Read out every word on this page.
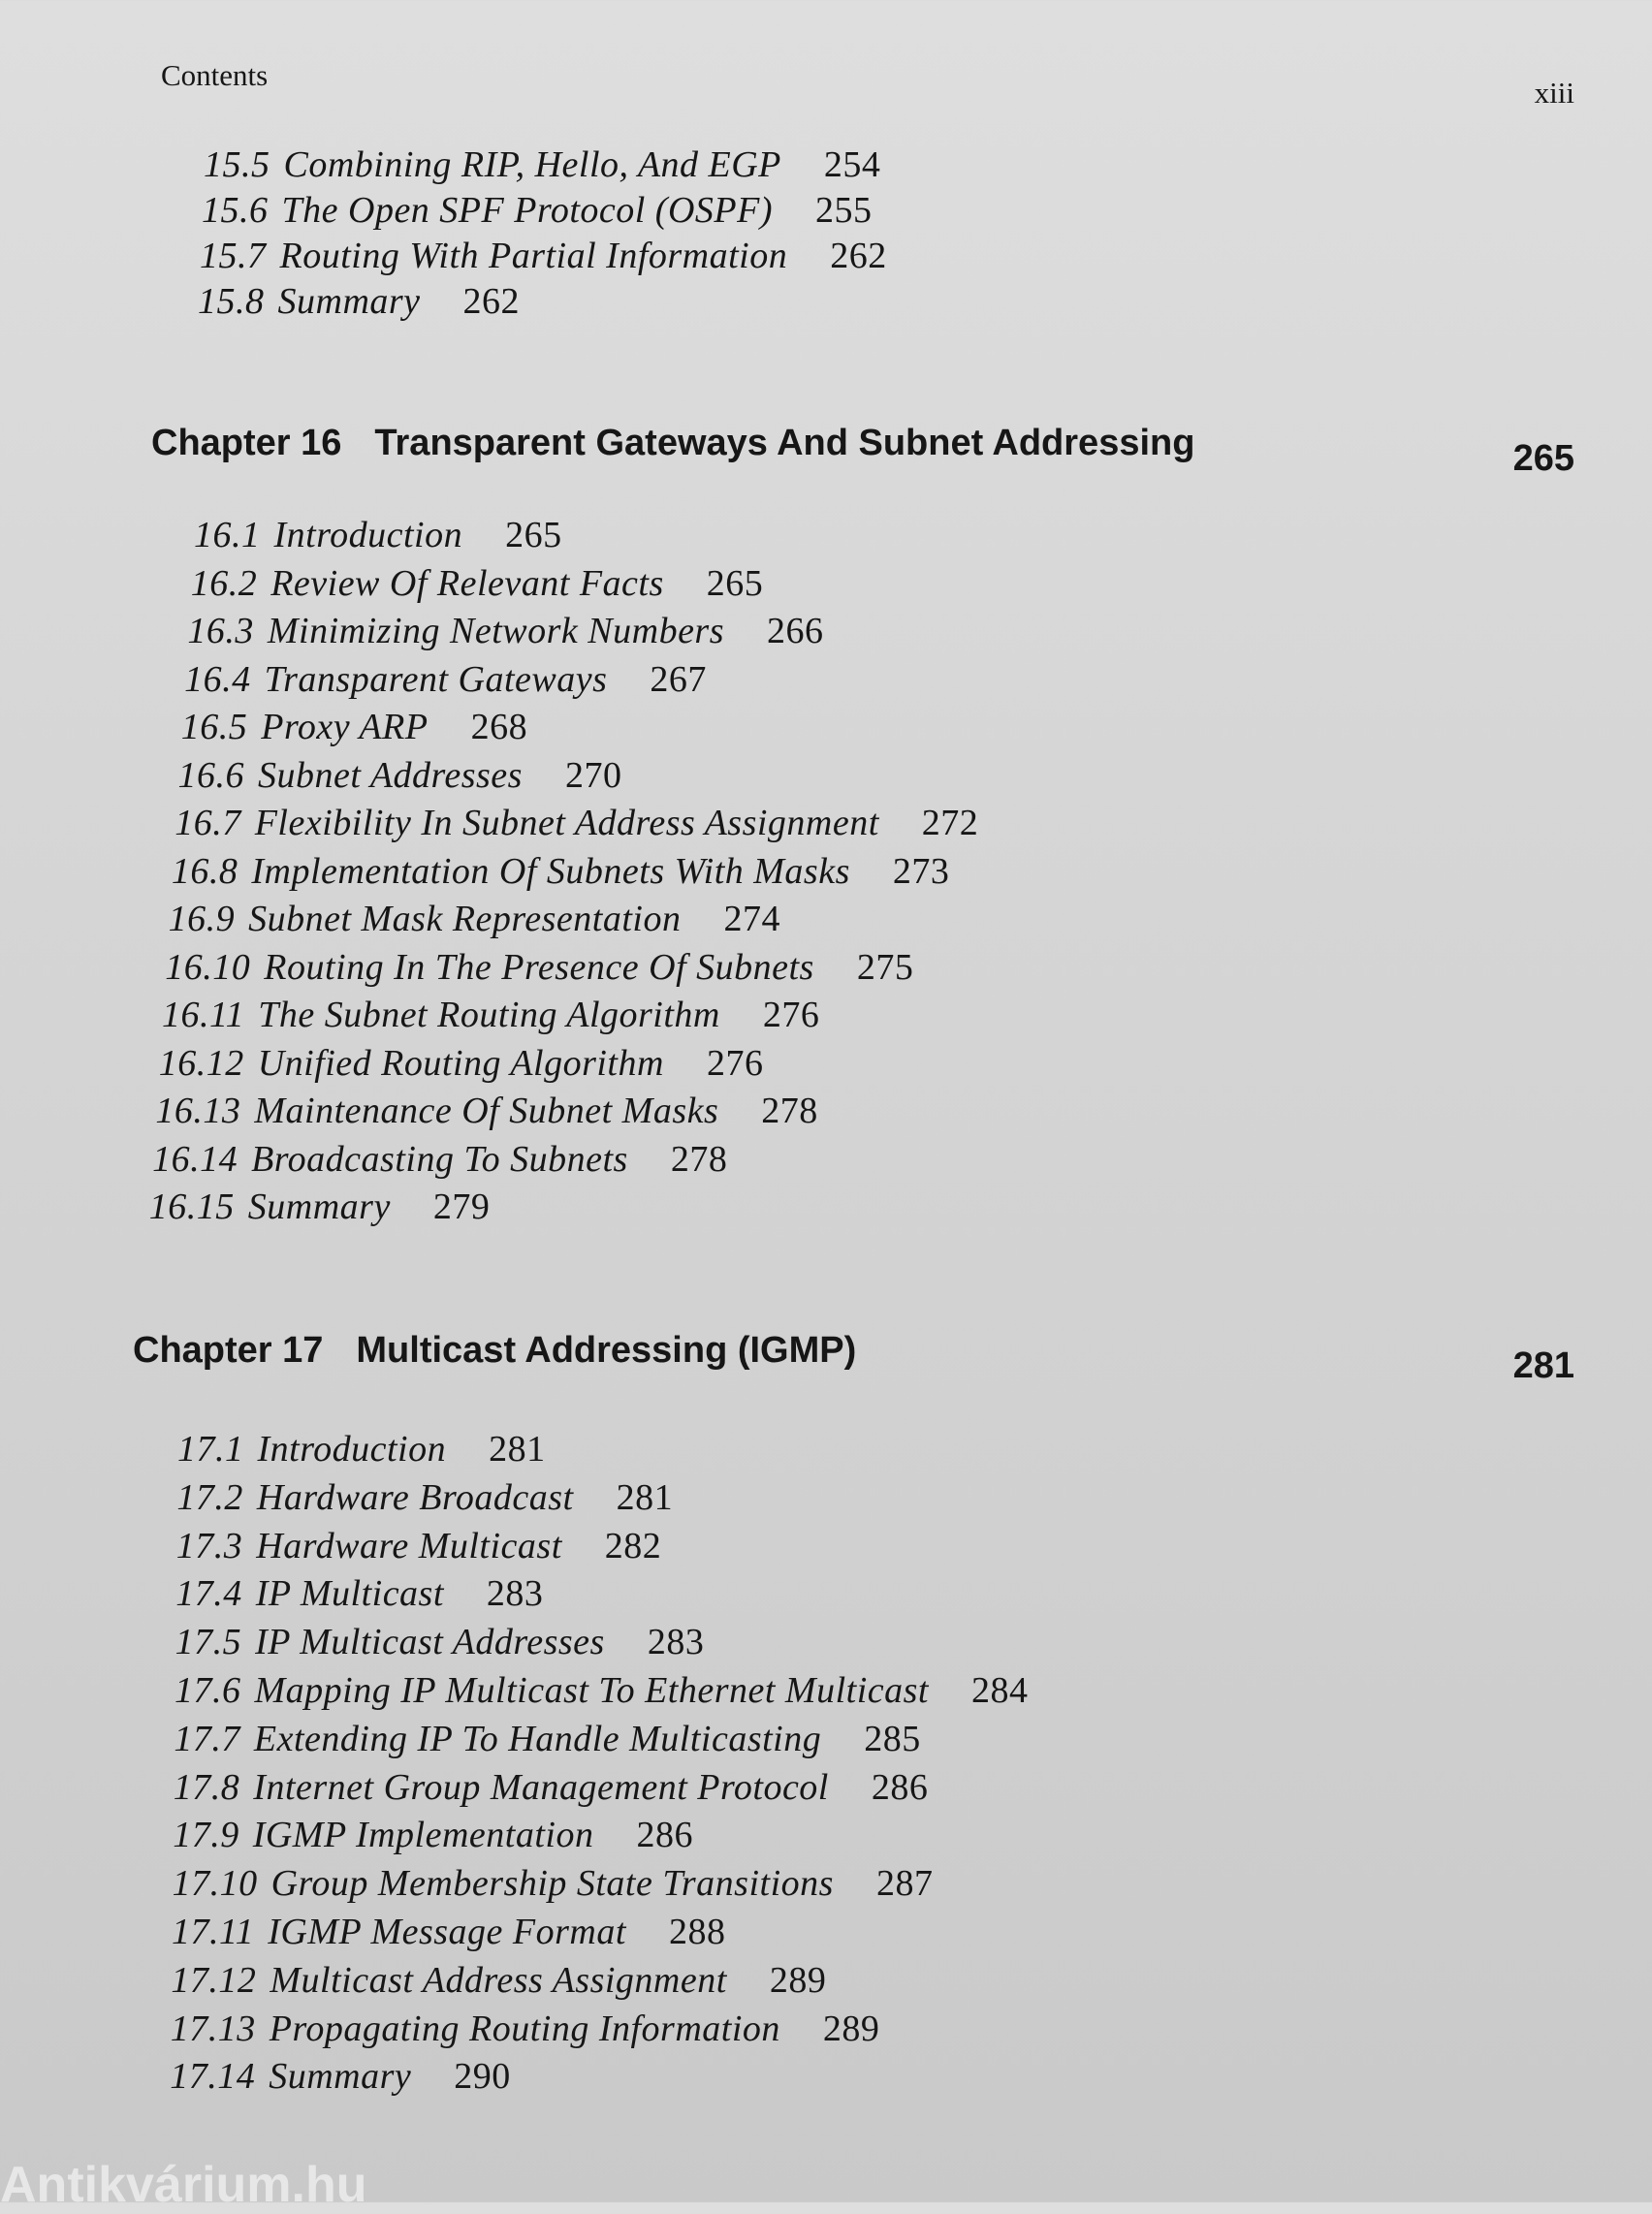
Contents
xiii
15.5 Combining RIP, Hello, And EGP 254
15.6 The Open SPF Protocol (OSPF) 255
15.7 Routing With Partial Information 262
15.8 Summary 262
Chapter 16 Transparent Gateways And Subnet Addressing	265
16.1 Introduction 265
16.2 Review Of Relevant Facts 265
16.3 Minimizing Network Numbers 266
16.4 Transparent Gateways 267
16.5 Proxy ARP 268
16.6 Subnet Addresses 270
16.7 Flexibility In Subnet Address Assignment 272
16.8 Implementation Of Subnets With Masks 273
16.9 Subnet Mask Representation 274
16.10 Routing In The Presence Of Subnets 275
16.11 The Subnet Routing Algorithm 276
16.12 Unified Routing Algorithm 276
16.13 Maintenance Of Subnet Masks 278
16.14 Broadcasting To Subnets 278
16.15 Summary 279
Chapter 17 Multicast Addressing (IGMP)	281
17.1 Introduction 281
17.2 Hardware Broadcast 281
17.3 Hardware Multicast 282
17.4 IP Multicast 283
17.5 IP Multicast Addresses 283
17.6 Mapping IP Multicast To Ethernet Multicast 284
17.7 Extending IP To Handle Multicasting 285
17.8 Internet Group Management Protocol 286
17.9 IGMP Implementation 286
17.10 Group Membership State Transitions 287
17.11 IGMP Message Format 288
17.12 Multicast Address Assignment 289
17.13 Propagating Routing Information 289
17.14 Summary 290
Antikvárium.hu
